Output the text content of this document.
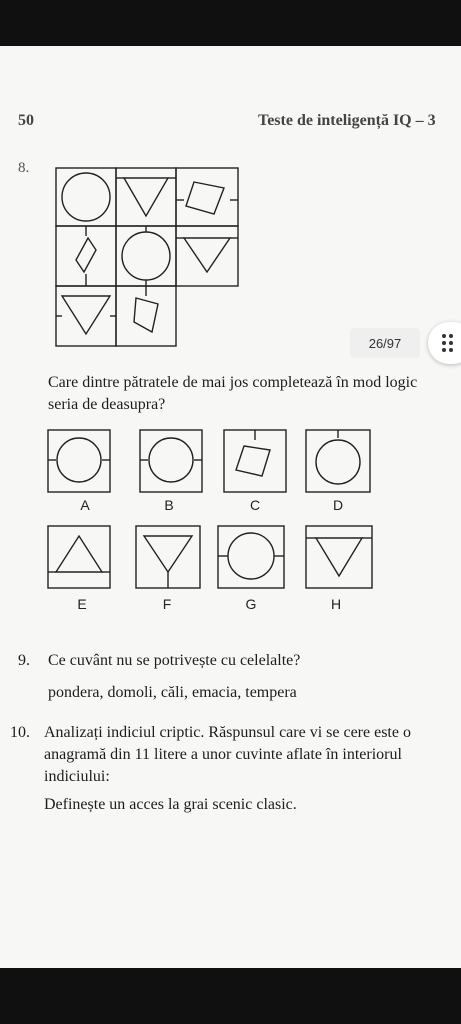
50	Teste de inteligență IQ – 3
8.
26/97
Care dintre pătratele de mai jos completează în mod logic
seria de deasupra?
A	B	C	D
E	F	G	H
9. Ce cuvânt nu se potrivește cu celelalte?
pondera, domoli, căli, emacia, tempera
10. Analizați indiciul criptic. Răspunsul care vi se cere este o
anagramă din 11 litere a unor cuvinte aflate în interiorul
indiciului:
Definește un acces la grai scenic clasic.
